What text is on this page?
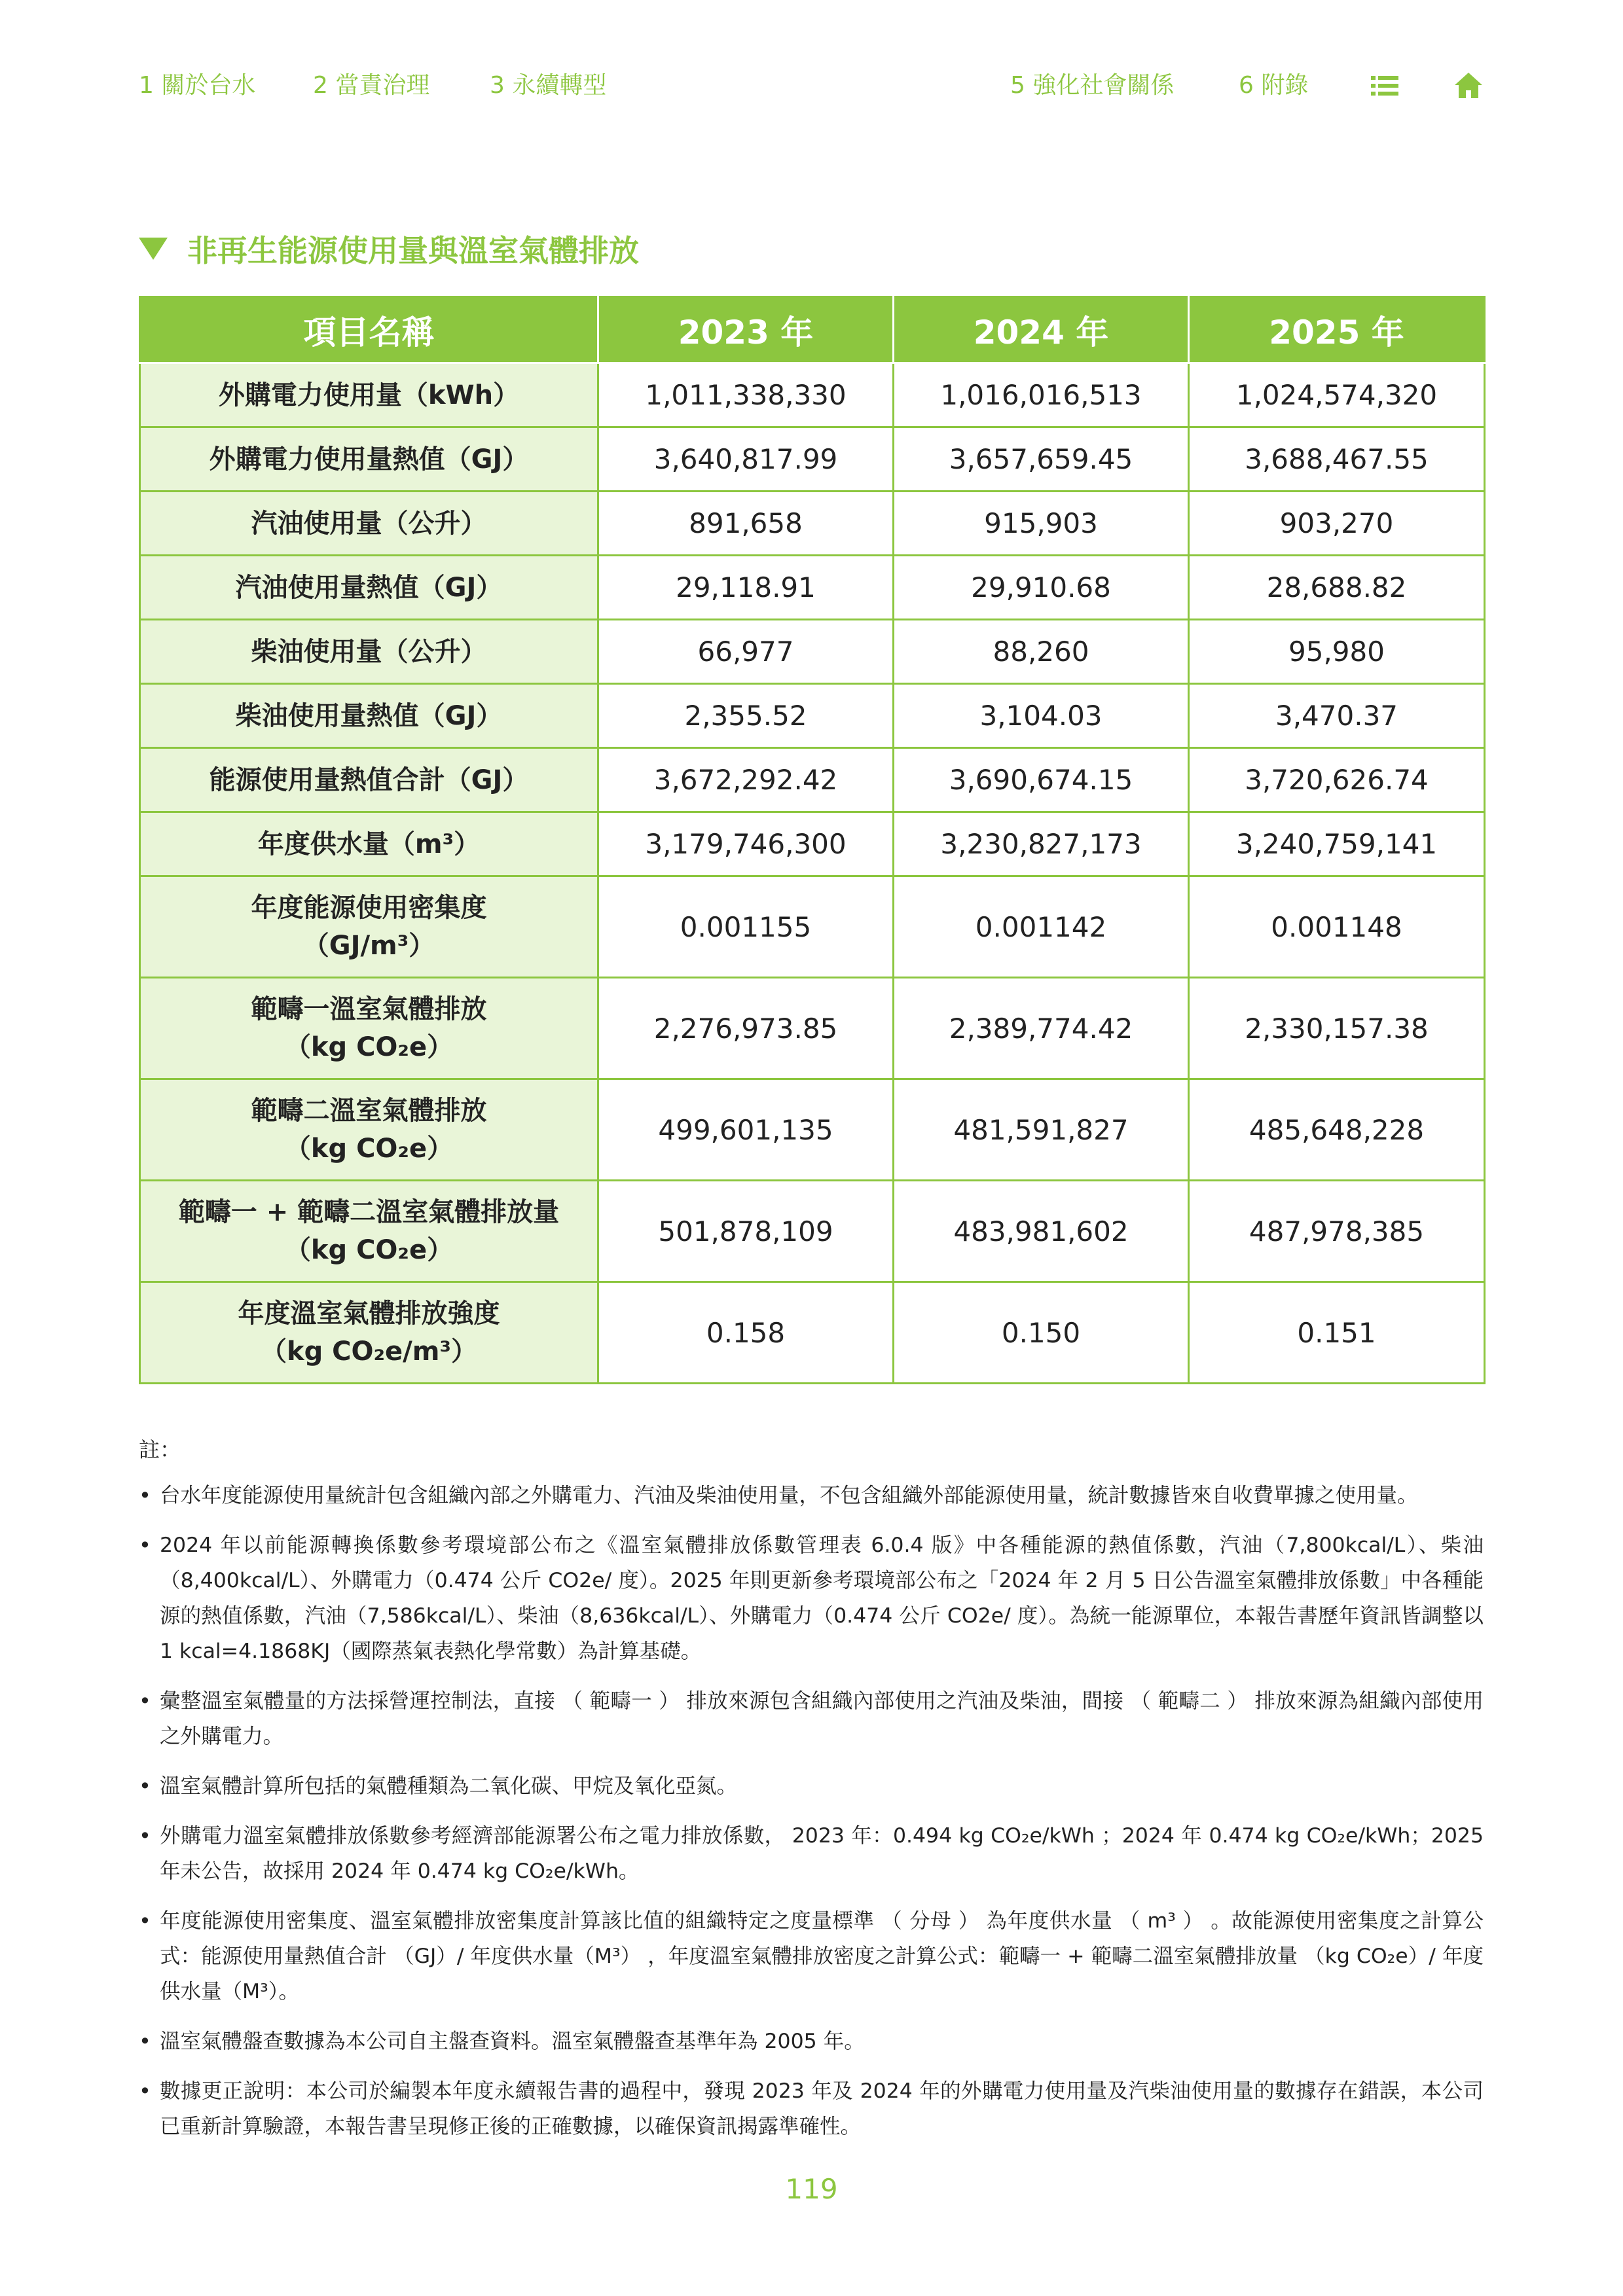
1 關於台水 2 當責治理	3 永續轉型	5 強化社會關係	6 附錄
非再生能源使用量與溫室氣體排放
項目名稱	2023 年	2024 年	2025 年
外購電力使用量（kWh）	1,011,338,330	1,016,016,513	1,024,574,320
外購電力使用量熱值（GJ）	3,640,817.99	3,657,659.45	3,688,467.55
汽油使用量（公升）	891,658	915,903	903,270
汽油使用量熱值（GJ）	29,118.91	29,910.68	28,688.82
柴油使用量（公升）	66,977	88,260	95,980
柴油使用量熱值（GJ）	2,355.52	3,104.03	3,470.37
能源使用量熱值合計（GJ）	3,672,292.42	3,690,674.15	3,720,626.74
年度供水量（m³）	3,179,746,300	3,230,827,173	3,240,759,141

年度能源使用密集度
（GJ/m³）	0.001155	0.001142	0.001148

範疇一溫室氣體排放
（kg CO₂e）	2,276,973.85	2,389,774.42	2,330,157.38

範疇二溫室氣體排放
（kg CO₂e）	499,601,135	481,591,827	485,648,228

範疇一 + 範疇二溫室氣體排放量
（kg CO₂e）	501,878,109	483,981,602	487,978,385

年度溫室氣體排放強度
（kg CO₂e/m³）	0.158	0.150	0.151
註：
• 台水年度能源使用量統計包含組織內部之外購電力、汽油及柴油使用量，不包含組織外部能源使用量，統計數據皆來自收費單據之使用量。
• 2024 年以前能源轉換係數參考環境部公布之《溫室氣體排放係數管理表 6.0.4 版》中各種能源的熱值係數，汽油（7,800kcal/L）、柴油（8,400kcal/L）、外購電力（0.474 公斤 CO2e/ 度）。2025 年則更新參考環境部公布之「2024 年 2 月 5 日公告溫室氣體排放係數」中各種能源的熱值係數，汽油（7,586kcal/L）、柴油（8,636kcal/L）、外購電力（0.474 公斤 CO2e/ 度）。為統一能源單位，本報告書歷年資訊皆調整以 1 kcal=4.1868KJ（國際蒸氣表熱化學常數）為計算基礎。
• 彙整溫室氣體量的方法採營運控制法，直接 （ 範疇一 ） 排放來源包含組織內部使用之汽油及柴油，間接 （ 範疇二 ） 排放來源為組織內部使用之外購電力。
• 溫室氣體計算所包括的氣體種類為二氧化碳、甲烷及氧化亞氮。
• 外購電力溫室氣體排放係數參考經濟部能源署公布之電力排放係數， 2023 年：0.494 kg CO₂e/kWh ；2024 年 0.474 kg CO₂e/kWh；2025 年未公告，故採用 2024 年 0.474 kg CO₂e/kWh。
• 年度能源使用密集度、溫室氣體排放密集度計算該比值的組織特定之度量標準 （ 分母 ） 為年度供水量 （ m³ ） 。故能源使用密集度之計算公式：能源使用量熱值合計 （GJ）/ 年度供水量（M³） ，年度溫室氣體排放密度之計算公式：範疇一 + 範疇二溫室氣體排放量 （kg CO₂e）/ 年度供水量（M³）。
• 溫室氣體盤查數據為本公司自主盤查資料。溫室氣體盤查基準年為 2005 年。
• 數據更正說明：本公司於編製本年度永續報告書的過程中，發現 2023 年及 2024 年的外購電力使用量及汽柴油使用量的數據存在錯誤，本公司已重新計算驗證，本報告書呈現修正後的正確數據，以確保資訊揭露準確性。
119
